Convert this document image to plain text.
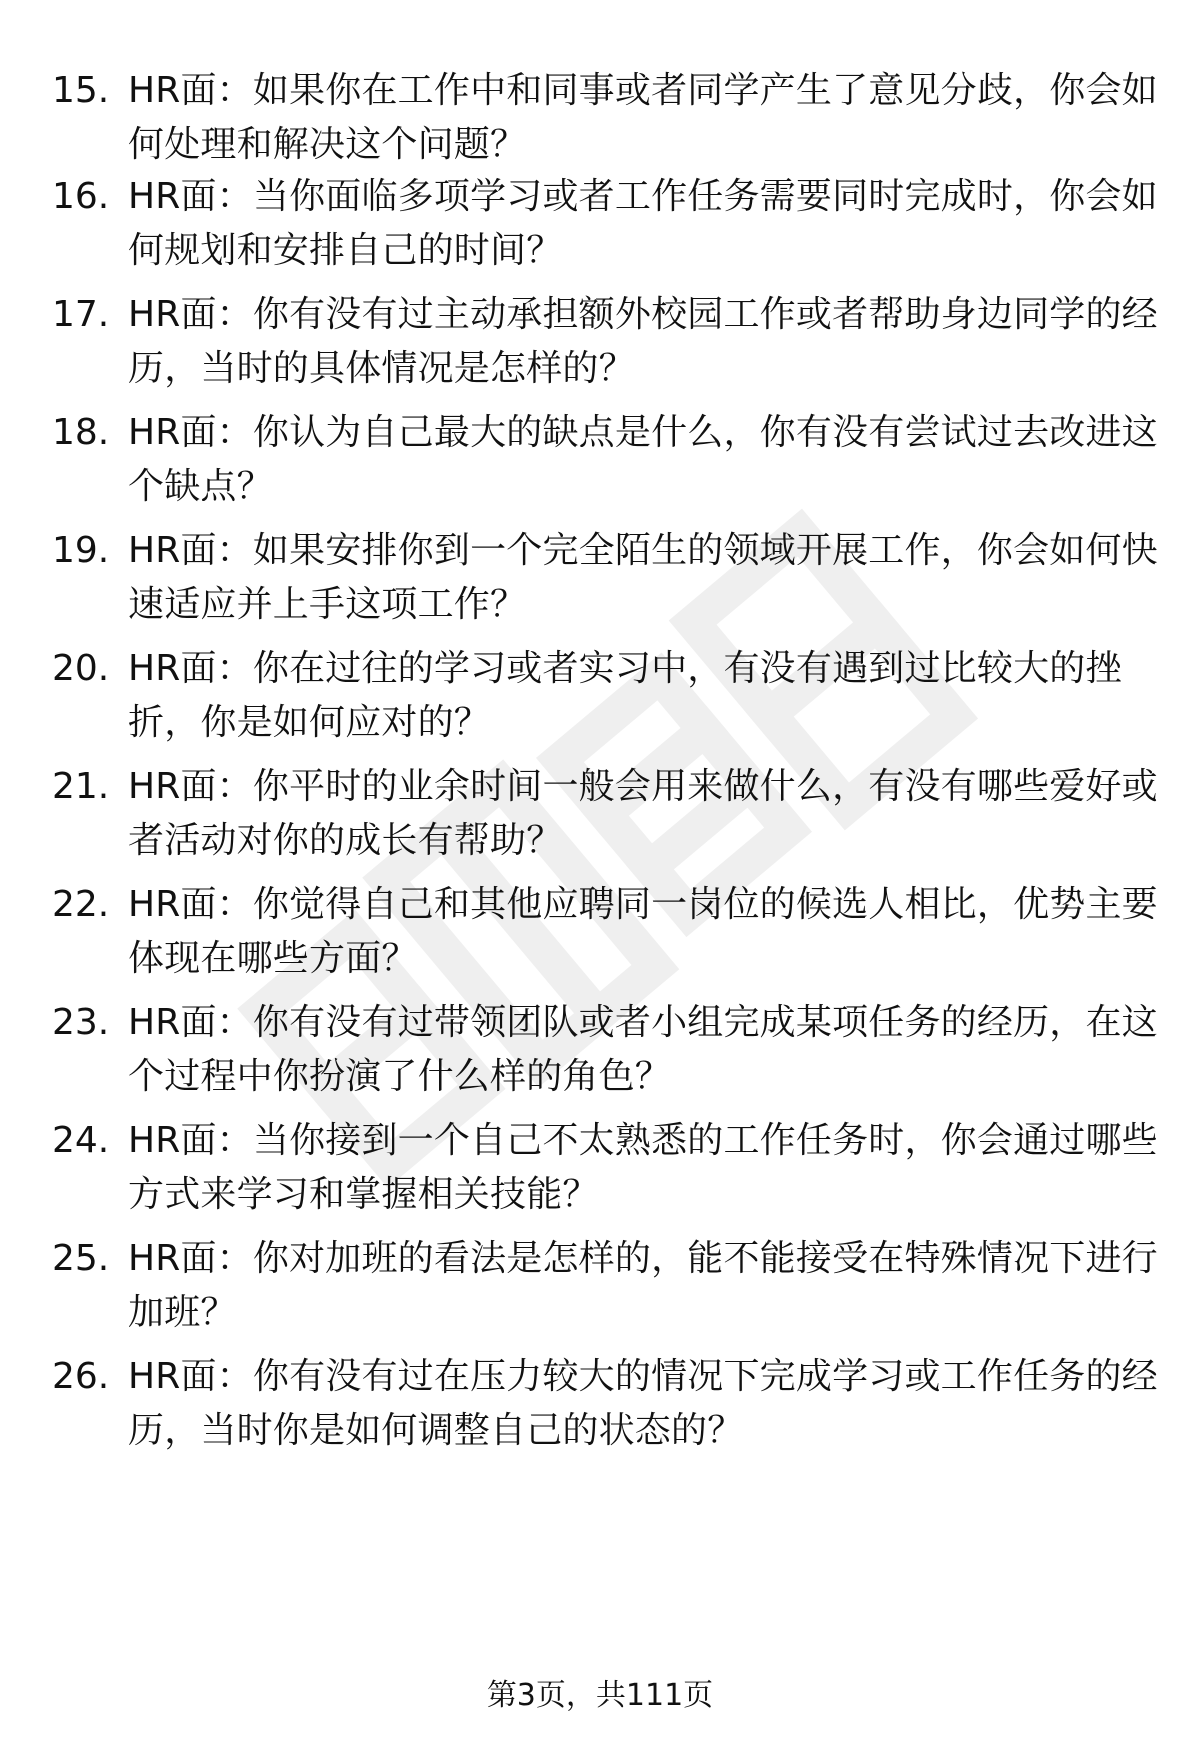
15. HR面：如果你在工作中和同事或者同学产生了意见分歧，你会如何处理和解决这个问题？

16. HR面：当你面临多项学习或者工作任务需要同时完成时，你会如何规划和安排自己的时间？

17. HR面：你有没有过主动承担额外校园工作或者帮助身边同学的经历，当时的具体情况是怎样的？

18. HR面：你认为自己最大的缺点是什么，你有没有尝试过去改进这个缺点？

19. HR面：如果安排你到一个完全陌生的领域开展工作，你会如何快速适应并上手这项工作？

20. HR面：你在过往的学习或者实习中，有没有遇到过比较大的挫折，你是如何应对的？

21. HR面：你平时的业余时间一般会用来做什么，有没有哪些爱好或者活动对你的成长有帮助？

22. HR面：你觉得自己和其他应聘同一岗位的候选人相比，优势主要体现在哪些方面？

23. HR面：你有没有过带领团队或者小组完成某项任务的经历，在这个过程中你扮演了什么样的角色？

24. HR面：当你接到一个自己不太熟悉的工作任务时，你会通过哪些方式来学习和掌握相关技能？

25. HR面：你对加班的看法是怎样的，能不能接受在特殊情况下进行加班？

26. HR面：你有没有过在压力较大的情况下完成学习或工作任务的经历，当时你是如何调整自己的状态的？

第3页，共111页
